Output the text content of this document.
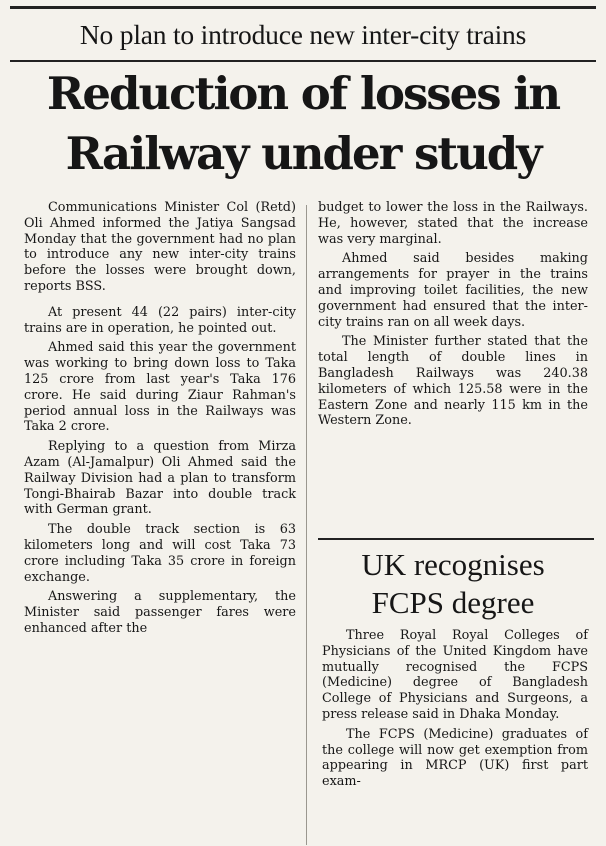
No plan to introduce new inter-city trains
Reduction of losses in
Railway under study

Communications Minister Col (Retd) Oli Ahmed informed the Jatiya Sangsad Monday that the government had no plan to introduce any new inter-city trains before the losses were brought down, reports BSS.

At present 44 (22 pairs) inter-city trains are in operation, he pointed out.

Ahmed said this year the government was working to bring down loss to Taka 125 crore from last year's Taka 176 crore. He said during Ziaur Rahman's period annual loss in the Railways was Taka 2 crore.

Replying to a question from Mirza Azam (Al-Jamalpur) Oli Ahmed said the Railway Division had a plan to transform Tongi-Bhairab Bazar into double track with German grant.

The double track section is 63 kilometers long and will cost Taka 73 crore including Taka 35 crore in foreign exchange.

Answering a supplementary, the Minister said passenger fares were enhanced after the

budget to lower the loss in the Railways. He, however, stated that the increase was very marginal.

Ahmed said besides making arrangements for prayer in the trains and improving toilet facilities, the new government had ensured that the inter-city trains ran on all week days.

The Minister further stated that the total length of double lines in Bangladesh Railways was 240.38 kilometers of which 125.58 were in the Eastern Zone and nearly 115 km in the Western Zone.

UK recognises
FCPS degree

Three Royal Royal Colleges of Physicians of the United Kingdom have mutually recognised the FCPS (Medicine) degree of Bangladesh College of Physicians and Surgeons, a press release said in Dhaka Monday.

The FCPS (Medicine) graduates of the college will now get exemption from appearing in MRCP (UK) first part exam-
